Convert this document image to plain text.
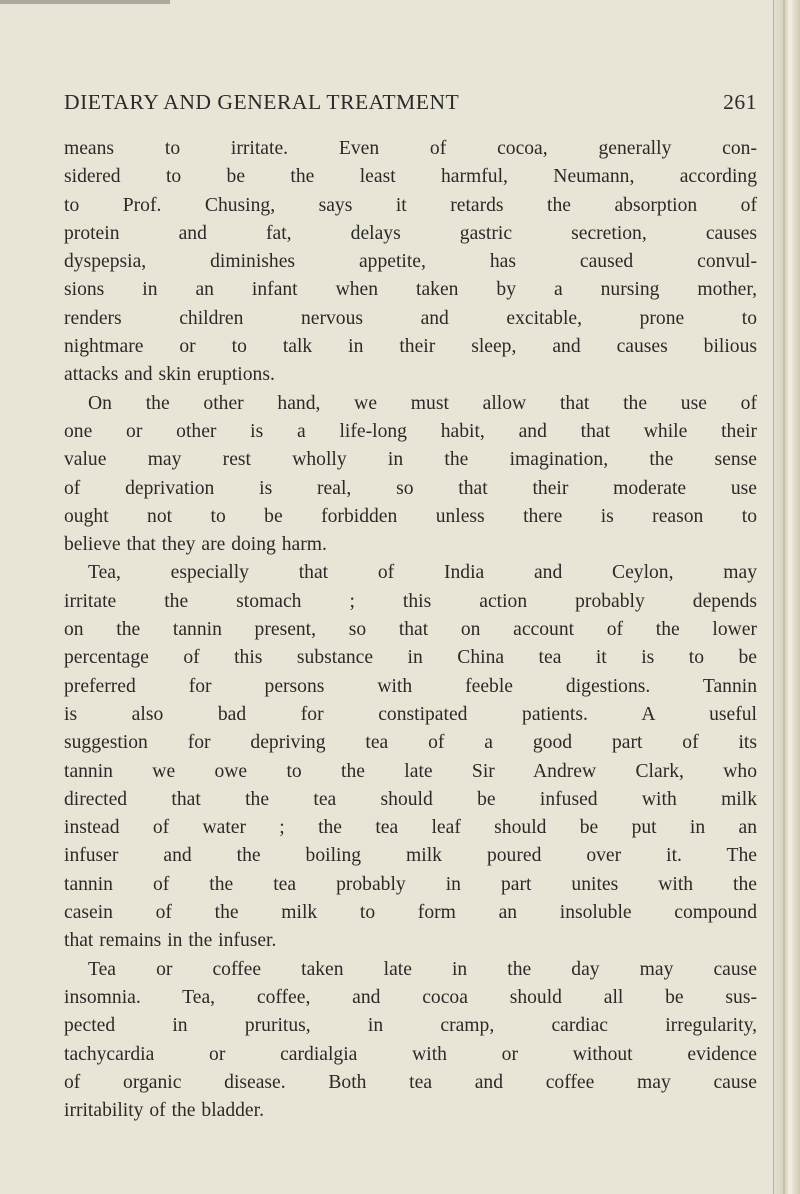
DIETARY AND GENERAL TREATMENT	261
means to irritate. Even of cocoa, generally con-
sidered to be the least harmful, Neumann, according
to Prof. Chusing, says it retards the absorption of
protein and fat, delays gastric secretion, causes
dyspepsia, diminishes appetite, has caused convul-
sions in an infant when taken by a nursing mother,
renders children nervous and excitable, prone to
nightmare or to talk in their sleep, and causes bilious
attacks and skin eruptions.
On the other hand, we must allow that the use of
one or other is a life-long habit, and that while their
value may rest wholly in the imagination, the sense
of deprivation is real, so that their moderate use
ought not to be forbidden unless there is reason to
believe that they are doing harm.
Tea, especially that of India and Ceylon, may
irritate the stomach ; this action probably depends
on the tannin present, so that on account of the lower
percentage of this substance in China tea it is to be
preferred for persons with feeble digestions. Tannin
is also bad for constipated patients. A useful
suggestion for depriving tea of a good part of its
tannin we owe to the late Sir Andrew Clark, who
directed that the tea should be infused with milk
instead of water ; the tea leaf should be put in an
infuser and the boiling milk poured over it. The
tannin of the tea probably in part unites with the
casein of the milk to form an insoluble compound
that remains in the infuser.
Tea or coffee taken late in the day may cause
insomnia. Tea, coffee, and cocoa should all be sus-
pected in pruritus, in cramp, cardiac irregularity,
tachycardia or cardialgia with or without evidence
of organic disease. Both tea and coffee may cause
irritability of the bladder.
